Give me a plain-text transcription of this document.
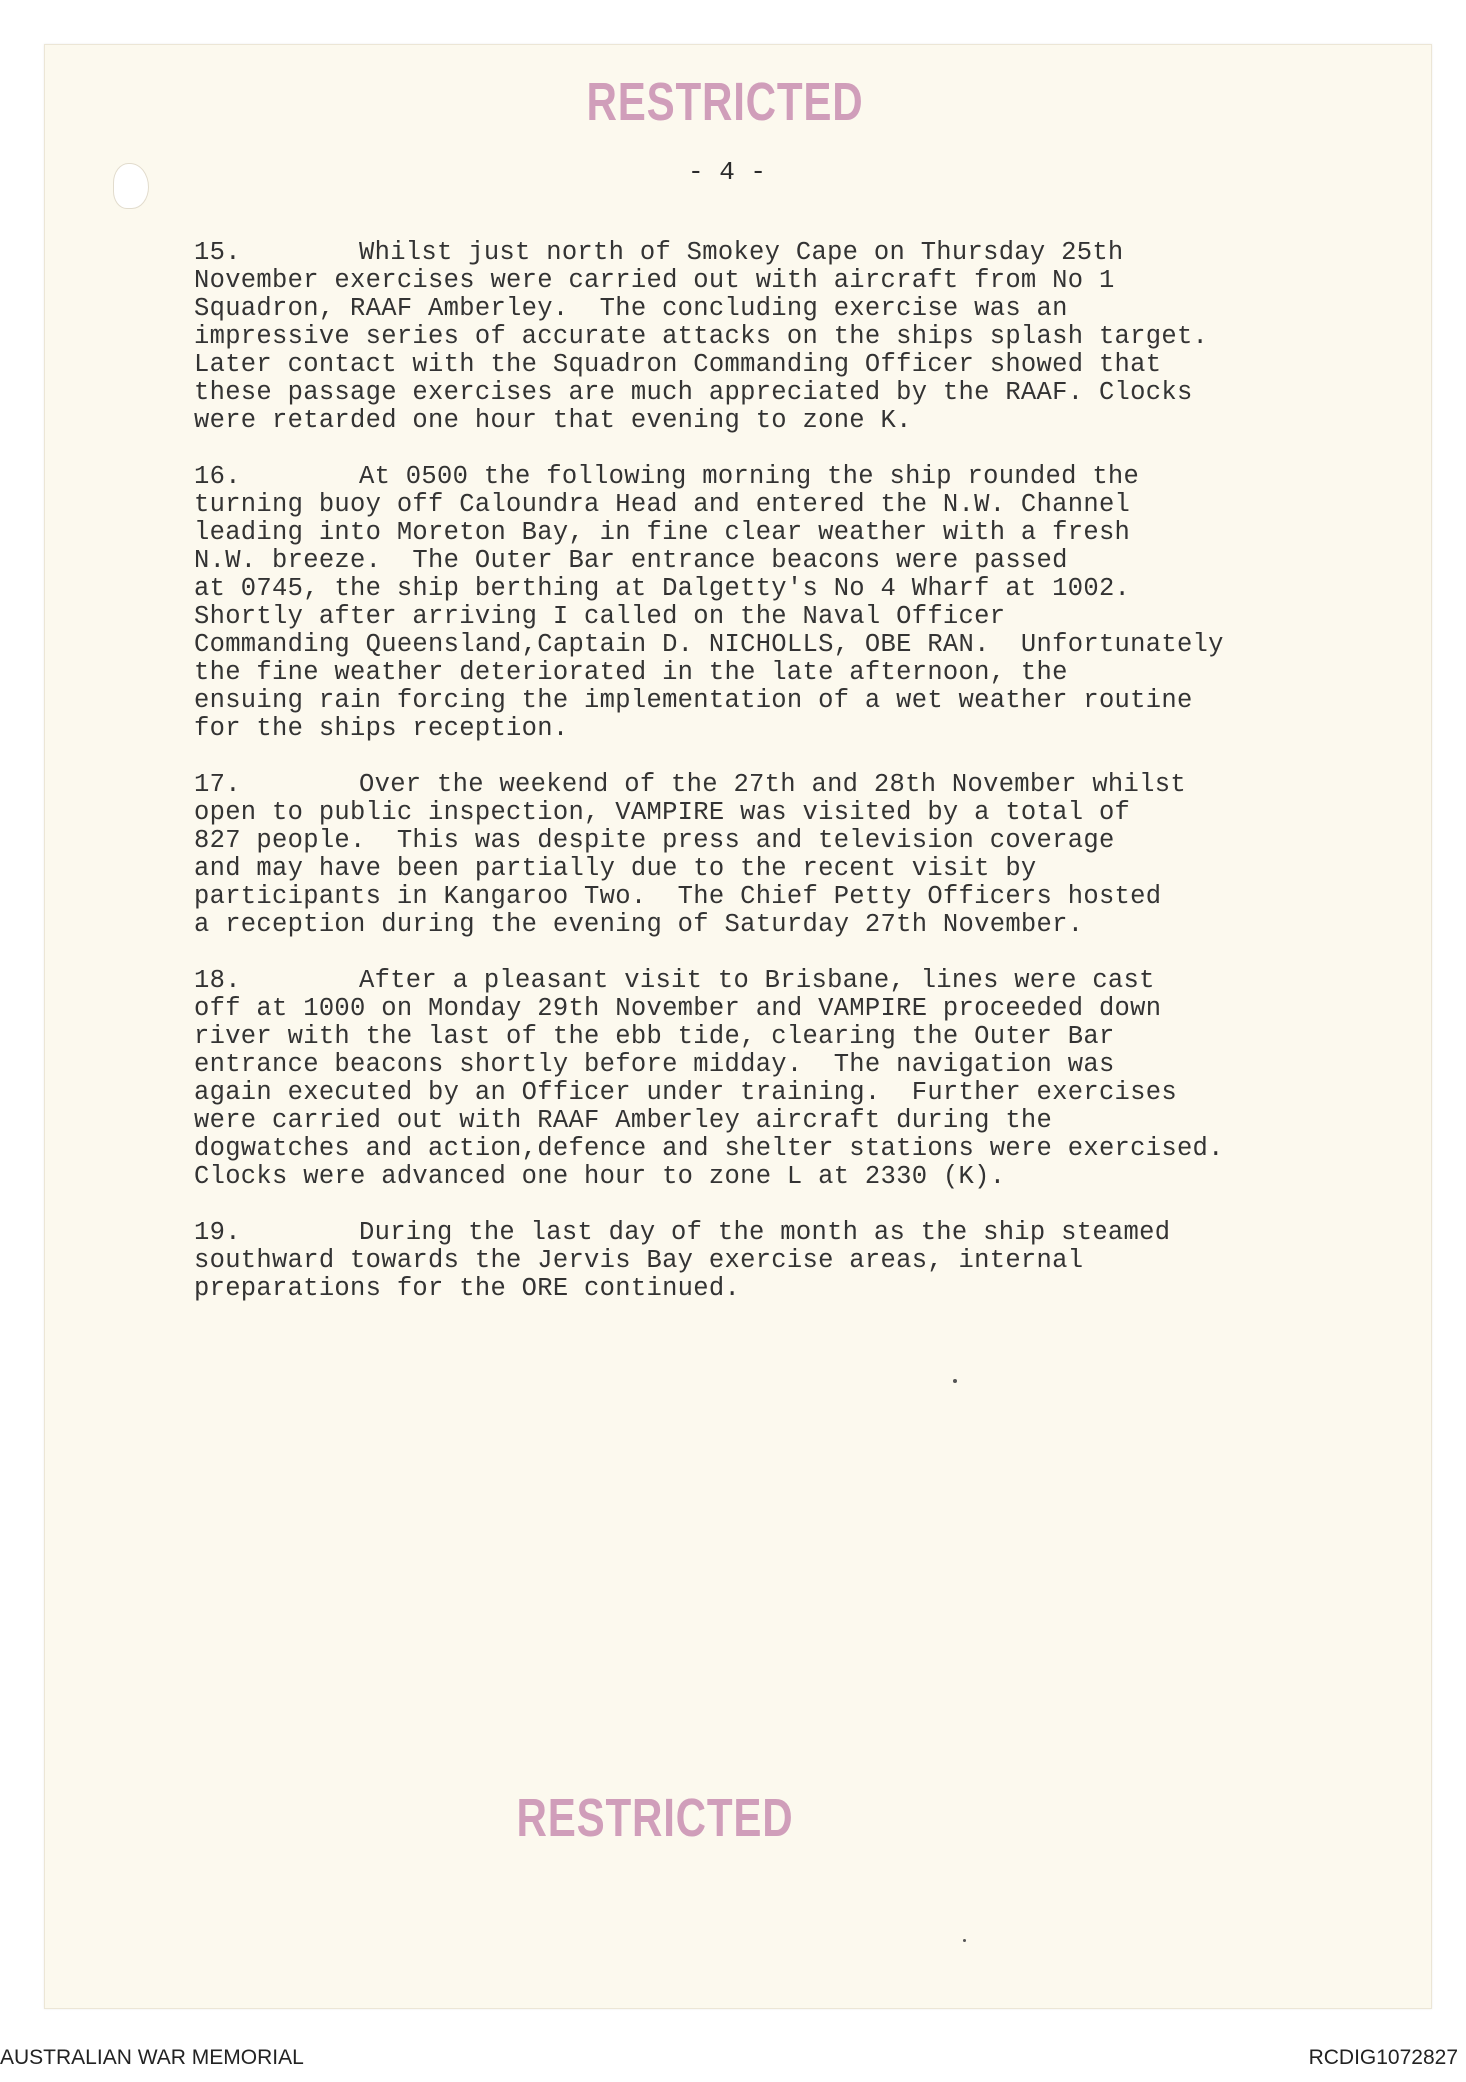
RESTRICTED
- 4 -

15.	Whilst just north of Smokey Cape on Thursday 25th
November exercises were carried out with aircraft from No 1
Squadron, RAAF Amberley.  The concluding exercise was an
impressive series of accurate attacks on the ships splash target.
Later contact with the Squadron Commanding Officer showed that
these passage exercises are much appreciated by the RAAF. Clocks
were retarded one hour that evening to zone K.

16.	At 0500 the following morning the ship rounded the
turning buoy off Caloundra Head and entered the N.W. Channel
leading into Moreton Bay, in fine clear weather with a fresh
N.W. breeze.  The Outer Bar entrance beacons were passed
at 0745, the ship berthing at Dalgetty's No 4 Wharf at 1002.
Shortly after arriving I called on the Naval Officer
Commanding Queensland,Captain D. NICHOLLS, OBE RAN.  Unfortunately
the fine weather deteriorated in the late afternoon, the
ensuing rain forcing the implementation of a wet weather routine
for the ships reception.

17.	Over the weekend of the 27th and 28th November whilst
open to public inspection, VAMPIRE was visited by a total of
827 people.  This was despite press and television coverage
and may have been partially due to the recent visit by
participants in Kangaroo Two.  The Chief Petty Officers hosted
a reception during the evening of Saturday 27th November.

18.	After a pleasant visit to Brisbane, lines were cast
off at 1000 on Monday 29th November and VAMPIRE proceeded down
river with the last of the ebb tide, clearing the Outer Bar
entrance beacons shortly before midday.  The navigation was
again executed by an Officer under training.  Further exercises
were carried out with RAAF Amberley aircraft during the
dogwatches and action,defence and shelter stations were exercised.
Clocks were advanced one hour to zone L at 2330 (K).

19.	During the last day of the month as the ship steamed
southward towards the Jervis Bay exercise areas, internal
preparations for the ORE continued.

RESTRICTED
AUSTRALIAN WAR MEMORIAL	RCDIG1072827
